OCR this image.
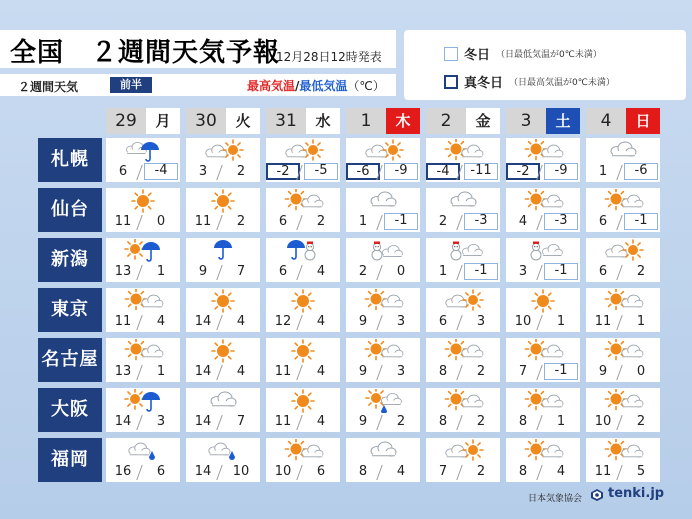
全国　２週間天気予報
12月28日12時発表
２週間天気	前半	最高気温/最低気温（℃）
冬日 （日最低気温が0℃未満）
真冬日 （日最高気温が0℃未満）
29	月	30	火	31	水	1	木	2	金	3	土	4	日
札幌
6	-4	3	2	-2	-5	-6	-9	-4	-11	-2	-9	1	-6
仙台
11	0	11	2	6	2	1	-1	2	-3	4	-3	6	-1
新潟
13	1	9	7	6	4	2	0	1	-1	3	-1	6	2
東京
11	4	14	4	12	4	9	3	6	3	10	1	11	1
名古屋
13	1	14	4	11	4	9	3	8	2	7	-1	9	0
大阪
14	3	14	7	11	4	9	2	8	2	8	1	10	2
福岡
16	6	14	10	10	6	8	4	7	2	8	4	11	5
日本気象協会 tenki.jp
